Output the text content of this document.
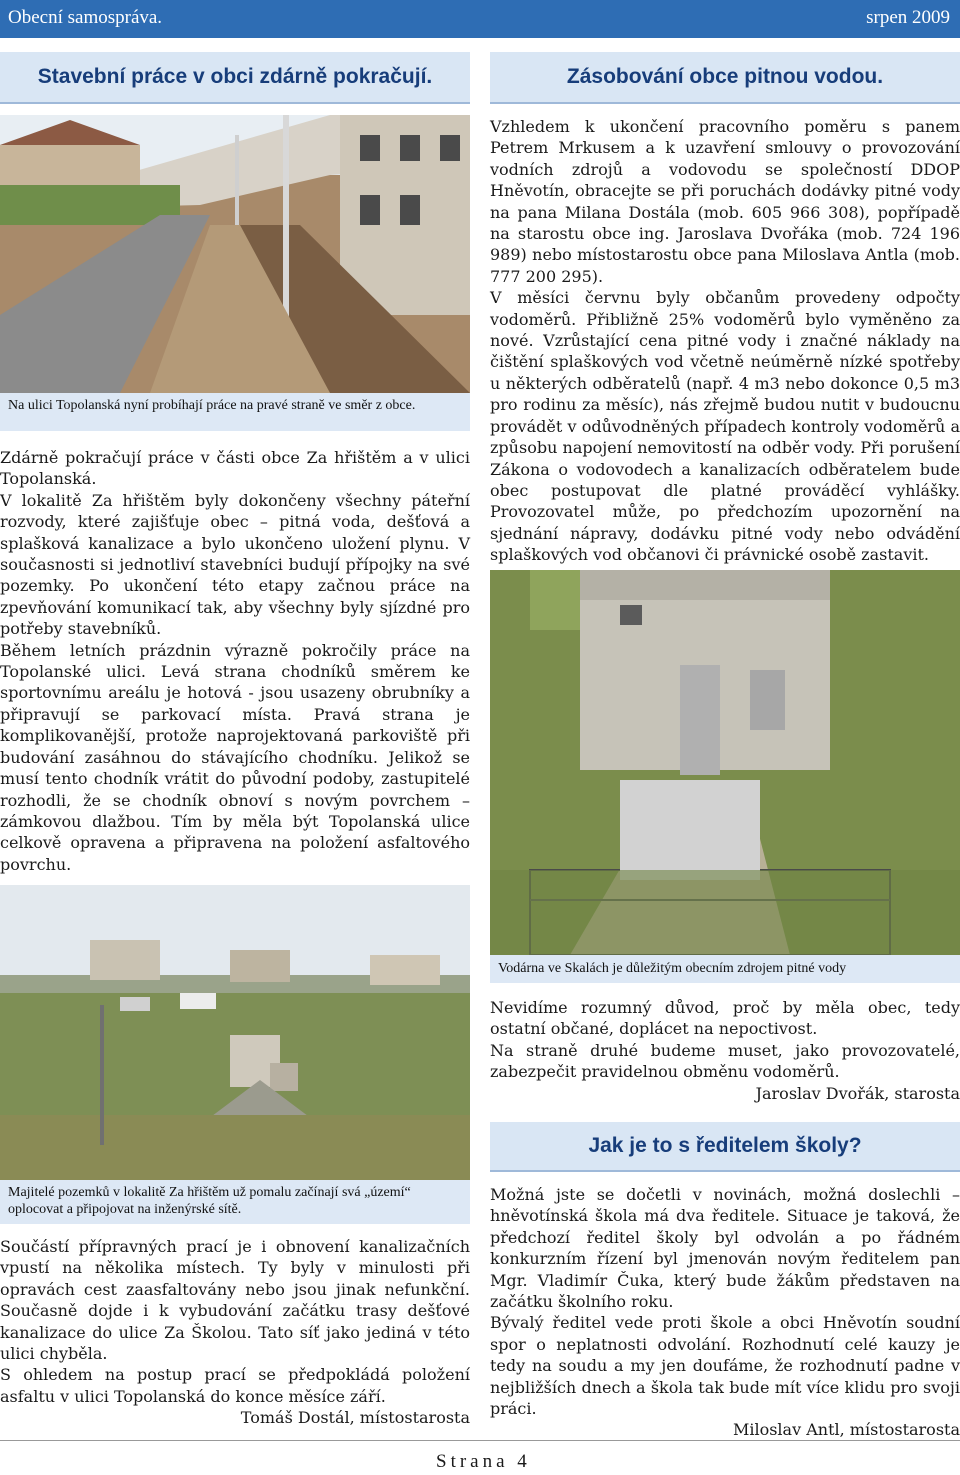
Obecní samospráva.	srpen 2009
Stavební práce v obci zdárně pokračují.
Na ulici Topolanská nyní probíhají práce na pravé straně ve směr z obce.

Zdárně pokračují práce v části obce Za hřištěm a v ulici Topolanská.

V lokalitě Za hřištěm byly dokončeny všechny páteřní rozvody, které zajišťuje obec – pitná voda, dešťová a splašková kanalizace a bylo ukončeno uložení plynu. V současnosti si jednotliví stavebníci budují přípojky na své pozemky. Po ukončení této etapy začnou práce na zpevňování komunikací tak, aby všechny byly sjízdné pro potřeby stavebníků.

Během letních prázdnin výrazně pokročily práce na Topolanské ulici. Levá strana chodníků směrem ke sportovnímu areálu je hotová - jsou usazeny obrubníky a připravují se parkovací místa. Pravá strana je komplikovanější, protože naprojektovaná parkoviště při budování zasáhnou do stávajícího chodníku. Jelikož se musí tento chodník vrátit do původní podoby, zastupitelé rozhodli, že se chodník obnoví s novým povrchem – zámkovou dlažbou. Tím by měla být Topolanská ulice celkově opravena a připravena na položení asfaltového povrchu.

Majitelé pozemků v lokalitě Za hřištěm už pomalu začínají svá „území“ oplocovat a připojovat na inženýrské sítě.

Součástí přípravných prací je i obnovení kanalizačních vpustí na několika místech. Ty byly v minulosti při opravách cest zaasfaltovány nebo jsou jinak nefunkční. Současně dojde i k vybudování začátku trasy dešťové kanalizace do ulice Za Školou. Tato síť jako jediná v této ulici chyběla.

S ohledem na postup prací se předpokládá položení asfaltu v ulici Topolanská do konce měsíce září.

Tomáš Dostál, místostarosta

Zásobování obce pitnou vodou.

Vzhledem k ukončení pracovního poměru s panem Petrem Mrkusem a k uzavření smlouvy o provozování vodních zdrojů a vodovodu se společností DDOP Hněvotín, obracejte se při poruchách dodávky pitné vody na pana Milana Dostála (mob. 605 966 308), popřípadě na starostu obce ing. Jaroslava Dvořáka (mob. 724 196 989) nebo místostarostu obce pana Miloslava Antla (mob. 777 200 295).

V měsíci červnu byly občanům provedeny odpočty vodoměrů. Přibližně 25% vodoměrů bylo vyměněno za nové. Vzrůstající cena pitné vody i značné náklady na čištění splaškových vod včetně neúměrně nízké spotřeby u některých odběratelů (např. 4 m3 nebo dokonce 0,5 m3 pro rodinu za měsíc), nás zřejmě budou nutit v budoucnu provádět v odůvodněných případech kontroly vodoměrů a způsobu napojení nemovitostí na odběr vody. Při porušení Zákona o vodovodech a kanalizacích odběratelem bude obec postupovat dle platné prováděcí vyhlášky. Provozovatel může, po předchozím upozornění na sjednání nápravy, dodávku pitné vody nebo odvádění splaškových vod občanovi či právnické osobě zastavit.

Vodárna ve Skalách je důležitým obecním zdrojem pitné vody

Nevidíme rozumný důvod, proč by měla obec, tedy ostatní občané, doplácet na nepoctivost.

Na straně druhé budeme muset, jako provozovatelé, zabezpečit pravidelnou obměnu vodoměrů.

Jaroslav Dvořák, starosta

Jak je to s ředitelem školy?

Možná jste se dočetli v novinách, možná doslechli – hněvotínská škola má dva ředitele. Situace je taková, že předchozí ředitel školy byl odvolán a po řádném konkurzním řízení byl jmenován novým ředitelem pan Mgr. Vladimír Čuka, který bude žákům představen na začátku školního roku.

Bývalý ředitel vede proti škole a obci Hněvotín soudní spor o neplatnosti odvolání. Rozhodnutí celé kauzy je tedy na soudu a my jen doufáme, že rozhodnutí padne v nejbližších dnech a škola tak bude mít více klidu pro svoji práci.

Miloslav Antl, místostarosta

Strana 4
